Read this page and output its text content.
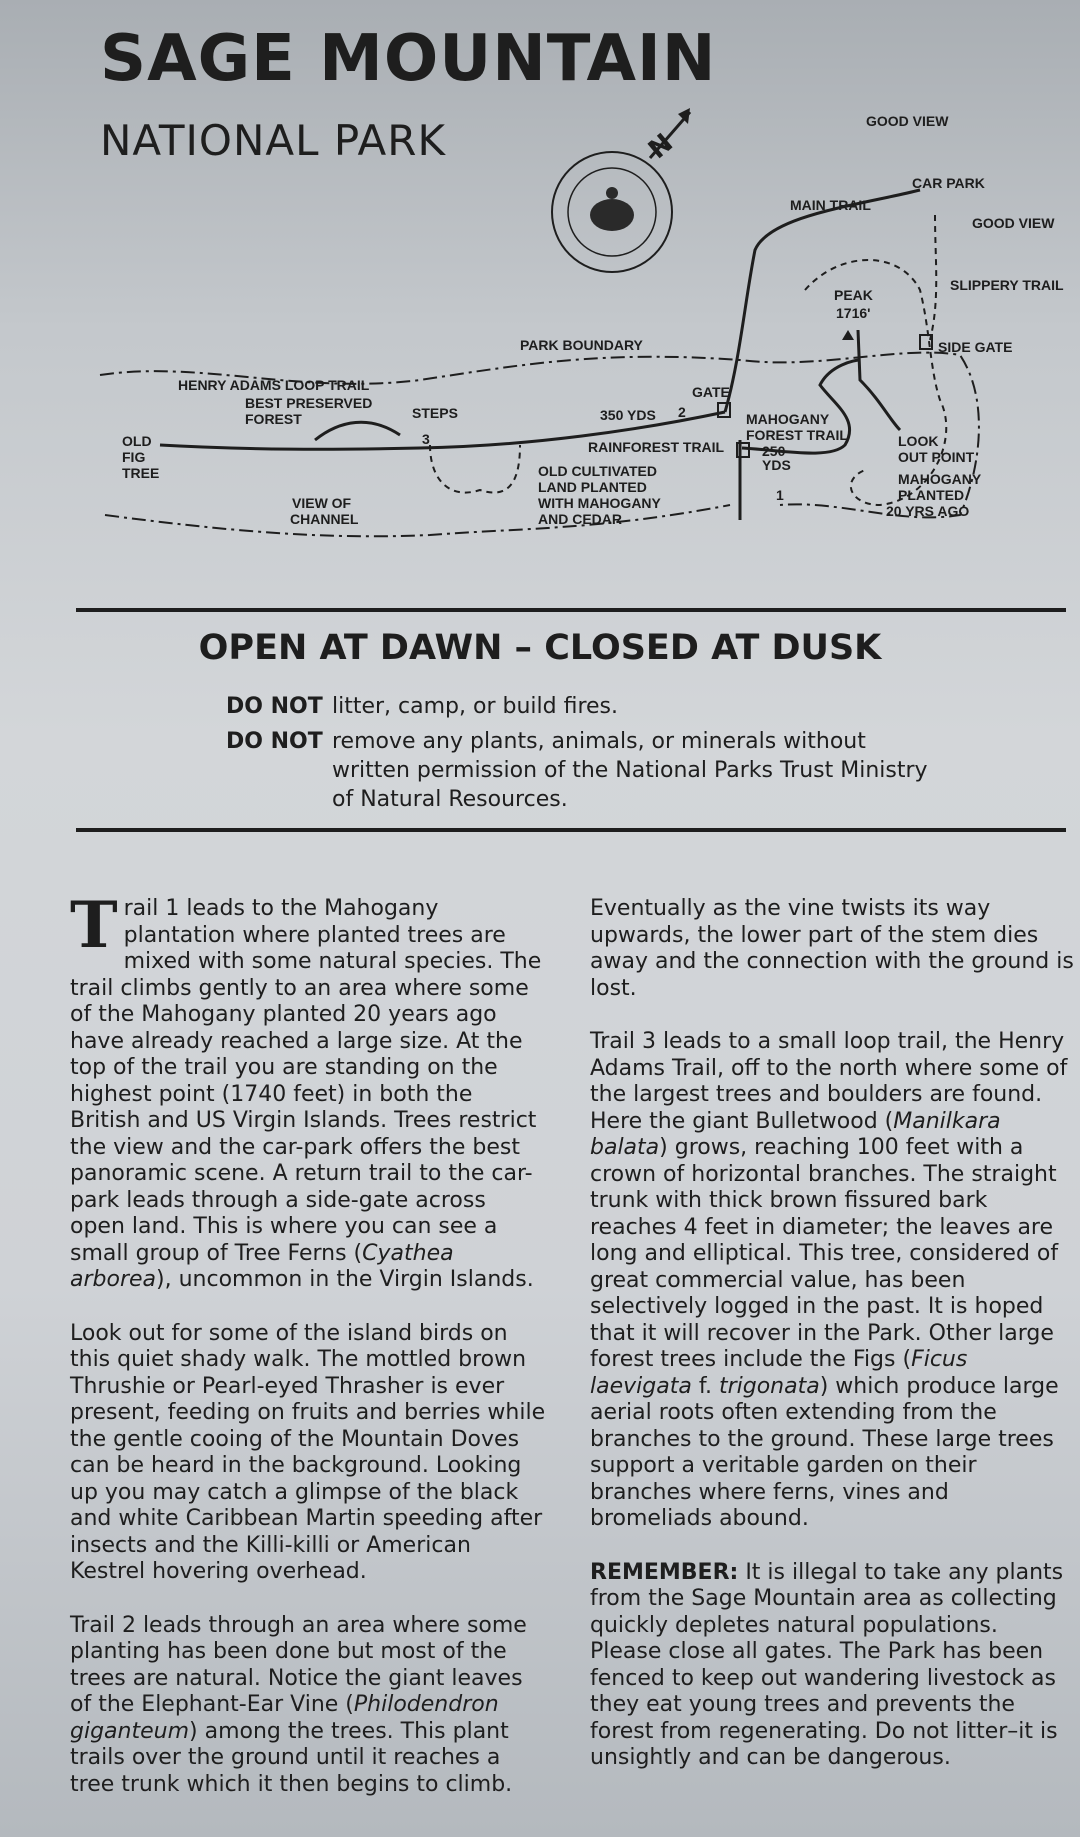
SAGE MOUNTAIN
NATIONAL PARK	N
GOOD VIEW
CAR PARK
GOOD VIEW
MAIN TRAIL
SLIPPERY TRAIL
PEAK
1716'
SIDE GATE
PARK BOUNDARY
HENRY ADAMS LOOP TRAIL
BEST PRESERVED
FOREST	STEPS
GATE
350 YDS 2
3
1
MAHOGANY
FOREST TRAIL
250
YDS
LOOK
OUT POINT
OLD
FIG
TREE
RAINFOREST TRAIL
OLD CULTIVATED
LAND PLANTED
WITH MAHOGANY
AND CEDAR
MAHOGANY
PLANTED
20 YRS AGO
VIEW OF
CHANNEL
OPEN AT DAWN – CLOSED AT DUSK
DO NOT litter, camp, or build fires.
DO NOT remove any plants, animals, or minerals without written permission of the National Parks Trust Ministry of Natural Resources.

Trail 1 leads to the Mahogany plantation where planted trees are mixed with some natural species. The trail climbs gently to an area where some of the Mahogany planted 20 years ago have already reached a large size. At the top of the trail you are standing on the highest point (1740 feet) in both the British and US Virgin Islands. Trees restrict the view and the car-park offers the best panoramic scene. A return trail to the car-park leads through a side-gate across open land. This is where you can see a small group of Tree Ferns (Cyathea arborea), uncommon in the Virgin Islands.

Look out for some of the island birds on this quiet shady walk. The mottled brown Thrushie or Pearl-eyed Thrasher is ever present, feeding on fruits and berries while the gentle cooing of the Mountain Doves can be heard in the background. Looking up you may catch a glimpse of the black and white Caribbean Martin speeding after insects and the Killi-killi or American Kestrel hovering overhead.

Trail 2 leads through an area where some planting has been done but most of the trees are natural. Notice the giant leaves of the Elephant-Ear Vine (Philodendron giganteum) among the trees. This plant trails over the ground until it reaches a tree trunk which it then begins to climb.

Eventually as the vine twists its way upwards, the lower part of the stem dies away and the connection with the ground is lost.

Trail 3 leads to a small loop trail, the Henry Adams Trail, off to the north where some of the largest trees and boulders are found. Here the giant Bulletwood (Manilkara balata) grows, reaching 100 feet with a crown of horizontal branches. The straight trunk with thick brown fissured bark reaches 4 feet in diameter; the leaves are long and elliptical. This tree, considered of great commercial value, has been selectively logged in the past. It is hoped that it will recover in the Park. Other large forest trees include the Figs (Ficus laevigata f. trigonata) which produce large aerial roots often extending from the branches to the ground. These large trees support a veritable garden on their branches where ferns, vines and bromeliads abound.

REMEMBER: It is illegal to take any plants from the Sage Mountain area as collecting quickly depletes natural populations. Please close all gates. The Park has been fenced to keep out wandering livestock as they eat young trees and prevents the forest from regenerating. Do not litter–it is unsightly and can be dangerous.
